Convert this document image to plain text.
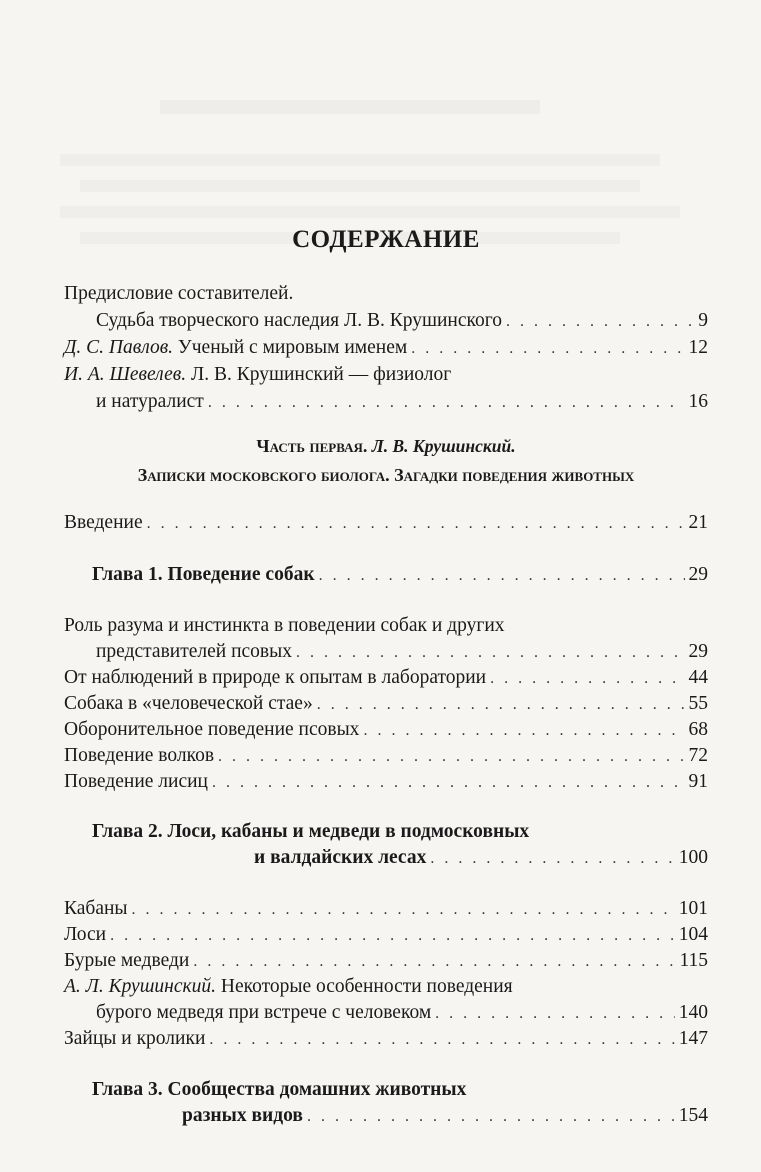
СОДЕРЖАНИЕ
Предисловие составителей.
Судьба творческого наследия Л. В. Крушинского . . .	9
Д. С. Павлов. Ученый с мировым именем . . .	12
И. А. Шевелев. Л. В. Крушинский — физиолог
и натуралист . . .	16
Часть первая. Л. В. Крушинский.
Записки московского биолога. Загадки поведения животных
Введение . . .	21
Глава 1. Поведение собак . . .	29
Роль разума и инстинкта в поведении собак и других
представителей псовых . . .	29
От наблюдений в природе к опытам в лаборатории . . .	44
Собака в «человеческой стае» . . .	55
Оборонительное поведение псовых . . .	68
Поведение волков . . .	72
Поведение лисиц . . .	91
Глава 2. Лоси, кабаны и медведи в подмосковных
и валдайских лесах . . .	100
Кабаны . . .	101
Лоси . . .	104
Бурые медведи . . .	115
А. Л. Крушинский. Некоторые особенности поведения
бурого медведя при встрече с человеком . . .	140
Зайцы и кролики . . .	147
Глава 3. Сообщества домашних животных
разных видов . . .	154
